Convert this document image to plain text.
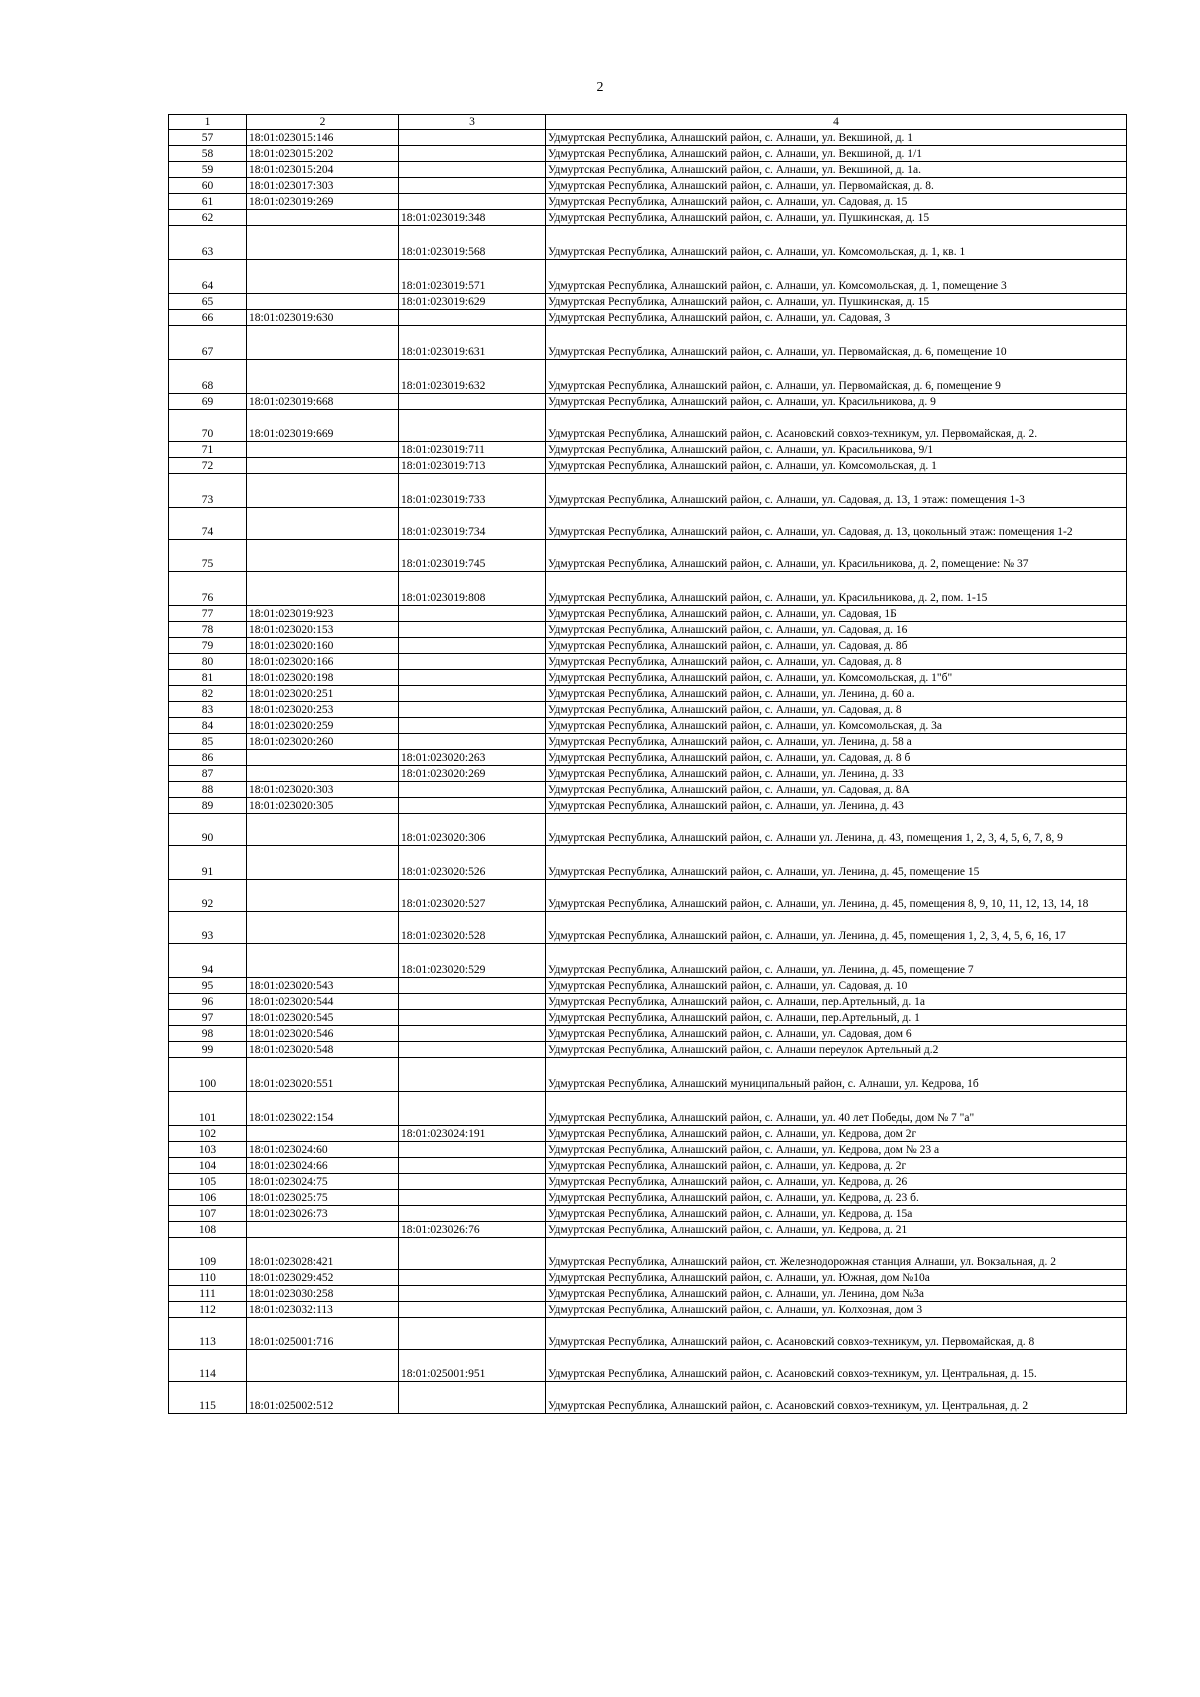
2
1	2	3	4
57	18:01:023015:146		Удмуртская Республика, Алнашский район, с. Алнаши, ул. Векшиной, д. 1
58	18:01:023015:202		Удмуртская Республика, Алнашский район, с. Алнаши, ул. Векшиной, д. 1/1
59	18:01:023015:204		Удмуртская Республика, Алнашский район, с. Алнаши, ул. Векшиной, д. 1а.
60	18:01:023017:303		Удмуртская Республика, Алнашский район, с. Алнаши, ул. Первомайская, д. 8.
61	18:01:023019:269		Удмуртская Республика, Алнашский район, с. Алнаши, ул. Садовая, д. 15
62		18:01:023019:348	Удмуртская Республика, Алнашский район, с. Алнаши, ул. Пушкинская, д. 15
63		18:01:023019:568	Удмуртская Республика, Алнашский район, с. Алнаши, ул. Комсомольская, д. 1, кв. 1
64		18:01:023019:571	Удмуртская Республика, Алнашский район, с. Алнаши, ул. Комсомольская, д. 1, помещение 3
65		18:01:023019:629	Удмуртская Республика, Алнашский район, с. Алнаши, ул. Пушкинская, д. 15
66	18:01:023019:630		Удмуртская Республика, Алнашский район, с. Алнаши, ул. Садовая, 3
67		18:01:023019:631	Удмуртская Республика, Алнашский район, с. Алнаши, ул. Первомайская, д. 6, помещение 10
68		18:01:023019:632	Удмуртская Республика, Алнашский район, с. Алнаши, ул. Первомайская, д. 6, помещение 9
69	18:01:023019:668		Удмуртская Республика, Алнашский район, с. Алнаши, ул. Красильникова, д. 9
70	18:01:023019:669		Удмуртская Республика, Алнашский район, с. Асановский совхоз-техникум, ул. Первомайская, д. 2.
71		18:01:023019:711	Удмуртская Республика, Алнашский район, с. Алнаши, ул. Красильникова, 9/1
72		18:01:023019:713	Удмуртская Республика, Алнашский район, с. Алнаши, ул. Комсомольская, д. 1
73		18:01:023019:733	Удмуртская Республика, Алнашский район, с. Алнаши, ул. Садовая, д. 13, 1 этаж: помещения 1-3
74		18:01:023019:734	Удмуртская Республика, Алнашский район, с. Алнаши, ул. Садовая, д. 13, цокольный этаж: помещения 1-2
75		18:01:023019:745	Удмуртская Республика, Алнашский район, с. Алнаши, ул. Красильникова, д. 2, помещение: № 37
76		18:01:023019:808	Удмуртская Республика, Алнашский район, с. Алнаши, ул. Красильникова, д. 2, пом. 1-15
77	18:01:023019:923		Удмуртская Республика, Алнашский район, с. Алнаши, ул. Садовая, 1Б
78	18:01:023020:153		Удмуртская Республика, Алнашский район, с. Алнаши, ул. Садовая, д. 16
79	18:01:023020:160		Удмуртская Республика, Алнашский район, с. Алнаши, ул. Садовая, д. 8б
80	18:01:023020:166		Удмуртская Республика, Алнашский район, с. Алнаши, ул. Садовая, д. 8
81	18:01:023020:198		Удмуртская Республика, Алнашский район, с. Алнаши, ул. Комсомольская, д. 1"б"
82	18:01:023020:251		Удмуртская Республика, Алнашский район, с. Алнаши, ул. Ленина, д. 60 а.
83	18:01:023020:253		Удмуртская Республика, Алнашский район, с. Алнаши, ул. Садовая, д. 8
84	18:01:023020:259		Удмуртская Республика, Алнашский район, с. Алнаши, ул. Комсомольская, д. 3а
85	18:01:023020:260		Удмуртская Республика, Алнашский район, с. Алнаши, ул. Ленина, д. 58 а
86		18:01:023020:263	Удмуртская Республика, Алнашский район, с. Алнаши, ул. Садовая, д. 8 б
87		18:01:023020:269	Удмуртская Республика, Алнашский район, с. Алнаши, ул. Ленина, д. 33
88	18:01:023020:303		Удмуртская Республика, Алнашский район, с. Алнаши, ул. Садовая, д. 8А
89	18:01:023020:305		Удмуртская Республика, Алнашский район, с. Алнаши, ул. Ленина, д. 43
90		18:01:023020:306	Удмуртская Республика, Алнашский район, с. Алнаши ул. Ленина, д. 43, помещения 1, 2, 3, 4, 5, 6, 7, 8, 9
91		18:01:023020:526	Удмуртская Республика, Алнашский район, с. Алнаши, ул. Ленина, д. 45, помещение 15
92		18:01:023020:527	Удмуртская Республика, Алнашский район, с. Алнаши, ул. Ленина, д. 45, помещения 8, 9, 10, 11, 12, 13, 14, 18
93		18:01:023020:528	Удмуртская Республика, Алнашский район, с. Алнаши, ул. Ленина, д. 45, помещения 1, 2, 3, 4, 5, 6, 16, 17
94		18:01:023020:529	Удмуртская Республика, Алнашский район, с. Алнаши, ул. Ленина, д. 45, помещение 7
95	18:01:023020:543		Удмуртская Республика, Алнашский район, с. Алнаши, ул. Садовая, д. 10
96	18:01:023020:544		Удмуртская Республика, Алнашский район, с. Алнаши, пер.Артельный, д. 1а
97	18:01:023020:545		Удмуртская Республика, Алнашский район, с. Алнаши, пер.Артельный, д. 1
98	18:01:023020:546		Удмуртская Республика, Алнашский район, с. Алнаши, ул. Садовая, дом 6
99	18:01:023020:548		Удмуртская Республика, Алнашский район, с. Алнаши переулок Артельный д.2
100	18:01:023020:551		Удмуртская Республика, Алнашский муниципальный район, с. Алнаши, ул. Кедрова, 1б
101	18:01:023022:154		Удмуртская Республика, Алнашский район, с. Алнаши, ул. 40 лет Победы, дом № 7 "а"
102		18:01:023024:191	Удмуртская Республика, Алнашский район, с. Алнаши, ул. Кедрова, дом 2г
103	18:01:023024:60		Удмуртская Республика, Алнашский район, с. Алнаши, ул. Кедрова, дом № 23 а
104	18:01:023024:66		Удмуртская Республика, Алнашский район, с. Алнаши, ул. Кедрова, д. 2г
105	18:01:023024:75		Удмуртская Республика, Алнашский район, с. Алнаши, ул. Кедрова, д. 26
106	18:01:023025:75		Удмуртская Республика, Алнашский район, с. Алнаши, ул. Кедрова, д. 23 б.
107	18:01:023026:73		Удмуртская Республика, Алнашский район, с. Алнаши, ул. Кедрова, д. 15а
108		18:01:023026:76	Удмуртская Республика, Алнашский район, с. Алнаши, ул. Кедрова, д. 21
109	18:01:023028:421		Удмуртская Республика, Алнашский район, ст. Железнодорожная станция Алнаши, ул. Вокзальная, д. 2
110	18:01:023029:452		Удмуртская Республика, Алнашский район, с. Алнаши, ул. Южная, дом №10а
111	18:01:023030:258		Удмуртская Республика, Алнашский район, с. Алнаши, ул. Ленина, дом №3а
112	18:01:023032:113		Удмуртская Республика, Алнашский район, с. Алнаши, ул. Колхозная, дом 3
113	18:01:025001:716		Удмуртская Республика, Алнашский район, с. Асановский совхоз-техникум, ул. Первомайская, д. 8
114		18:01:025001:951	Удмуртская Республика, Алнашский район, с. Асановский совхоз-техникум, ул. Центральная, д. 15.
115	18:01:025002:512		Удмуртская Республика, Алнашский район, с. Асановский совхоз-техникум, ул. Центральная, д. 2
